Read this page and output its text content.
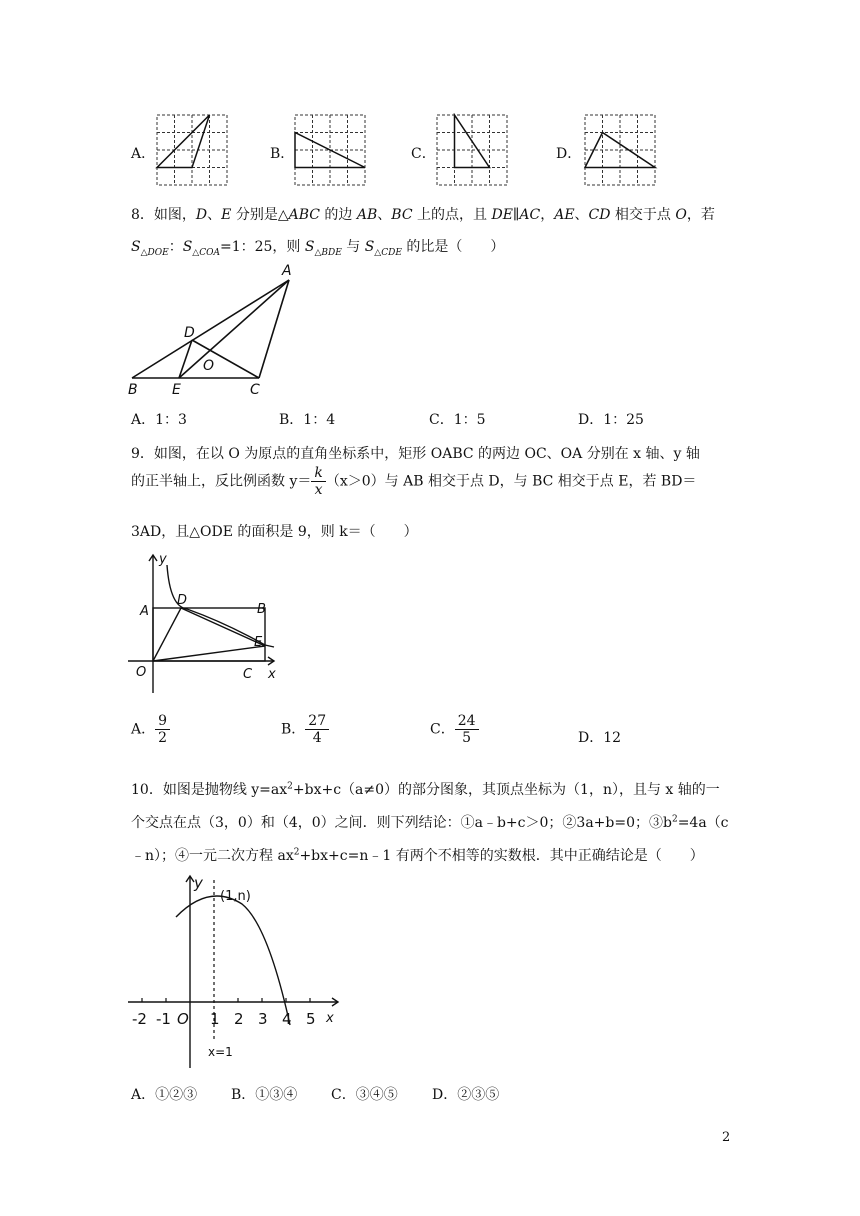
A．	B．	C．	D．
8．如图，D、E 分别是△ABC 的边 AB、BC 上的点，且 DE∥AC，AE、CD 相交于点 O，若
$S_{\triangle DOE}$：$S_{\triangle COA}=1$：25，则 $S_{\triangle BDE}$ 与 $S_{\triangle CDE}$ 的比是（　　）
A
B	C
D
E
O
A．1：3	B．1：4	C．1：5	D．1：25
9．如图，在以 O 为原点的直角坐标系中，矩形 OABC 的两边 OC、OA 分别在 x 轴、y 轴
的正半轴上，反比例函数 $y= \frac{k}{x} (x>0)$与 AB 相交于点 D，与 BC 相交于点 E，若 BD＝
3AD，且△ODE 的面积是 9，则 k＝（　　）
y
x
A	B
C
D
E
O
A． $\frac{9}{2}$	B． $\frac{27}{4}$	C． $\frac{24}{5}$	D．12
10．如图是抛物线 $y=ax^2+bx+c(a\ne 0)$的部分图象，其顶点坐标为（1，n），且与 x 轴的一
个交点在点（3，0）和（4，0）之间．则下列结论：①a﹣b+c＞0；②3a+b=0；$③b^2=4a(c$
﹣n）；④一元二次方程 $ax^2+bx+c=n﹣1$ 有两个不相等的实数根．其中正确结论是（　　）
y
x
(1,n)
x=1
-2 -1 O 1 2 3 4 5
A．①②③ B．①③④ C．③④⑤ D．②③⑤
2
